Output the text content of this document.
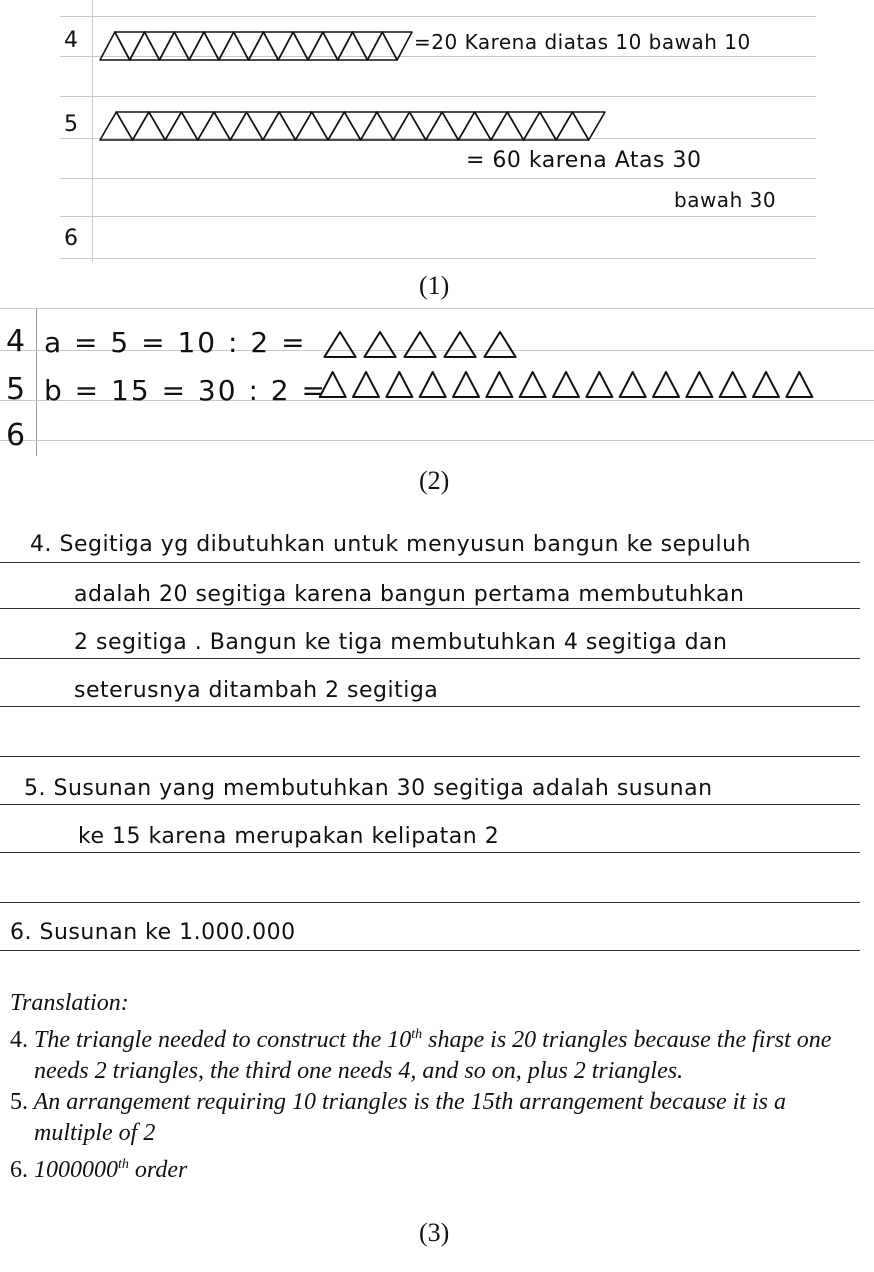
4	=20 Karena diatas 10 bawah 10
5
= 60 karena Atas 30
bawah 30
6
(1)
4 a = 5 = 10 : 2 =
5 b = 15 = 30 : 2 =
6
(2)
4. Segitiga yg dibutuhkan untuk menyusun bangun ke sepuluh
adalah 20 segitiga karena bangun pertama membutuhkan
2 segitiga . Bangun ke tiga membutuhkan 4 segitiga dan
seterusnya ditambah 2 segitiga
5. Susunan yang membutuhkan 30 segitiga adalah susunan
ke 15 karena merupakan kelipatan 2
6. Susunan ke 1.000.000

Translation:

4. The triangle needed to construct the 10th shape is 20 triangles because the first one needs 2 triangles, the third one needs 4, and so on, plus 2 triangles.

5. An arrangement requiring 10 triangles is the 15th arrangement because it is a multiple of 2

6. 1000000th order

(3)
